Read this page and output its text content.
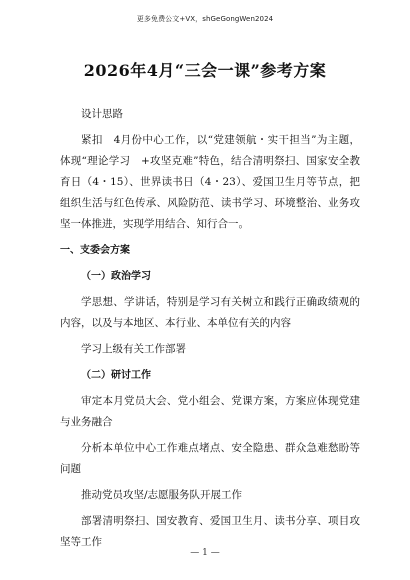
更多免费公文+VX，shGeGongWen2024
2026年4月“三会一课”参考方案

设计思路

紧扣　4月份中心工作，以“党建领航・实干担当”为主题，体现“理论学习　+攻坚克难”特色，结合清明祭扫、国家安全教育日（4・15）、世界读书日（4・23）、爱国卫生月等节点，把组织生活与红色传承、风险防范、读书学习、环境整治、业务攻坚一体推进，实现学用结合、知行合一。

一、支委会方案

（一）政治学习

学思想、学讲话，特别是学习有关树立和践行正确政绩观的内容，以及与本地区、本行业、本单位有关的内容

学习上级有关工作部署

（二）研讨工作

审定本月党员大会、党小组会、党课方案，方案应体现党建与业务融合

分析本单位中心工作难点堵点、安全隐患、群众急难愁盼等问题

推动党员攻坚/志愿服务队开展工作

部署清明祭扫、国安教育、爱国卫生月、读书分享、项目攻坚等工作

— 1 —
